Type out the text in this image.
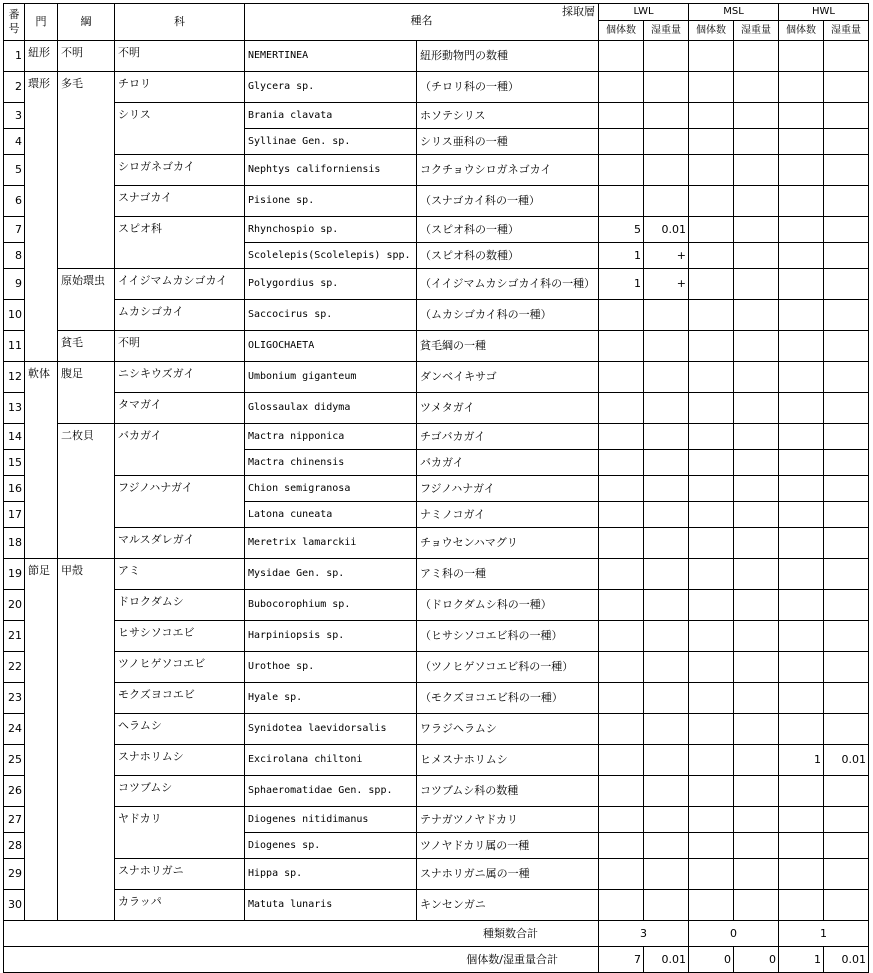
番号	門	綱	科	種名
採取層		LWL		MSL		HWL	
						個体数	湿重量	個体数	湿重量	個体数	湿重量
1	紐形	不明	不明	NEMERTINEA	紐形動物門の数種						
2	環形	多毛	チロリ	Glycera sp.	（チロリ科の一種）						
3			シリス	Brania clavata	ホソテシリス						
4				Syllinae Gen. sp.	シリス亜科の一種						
5			シロガネゴカイ	Nephtys californiensis	コクチョウシロガネゴカイ						
6			スナゴカイ	Pisione sp.	（スナゴカイ科の一種）						
7			スピオ科	Rhynchospio sp.	（スピオ科の一種）	5	0.01				
8				Scolelepis(Scolelepis) spp.	（スピオ科の数種）	1	+				
9		原始環虫	イイジマムカシゴカイ	Polygordius sp.	（イイジマムカシゴカイ科の一種）	1	+				
10			ムカシゴカイ	Saccocirus sp.	（ムカシゴカイ科の一種）						
11		貧毛	不明	OLIGOCHAETA	貧毛綱の一種						
12	軟体	腹足	ニシキウズガイ	Umbonium giganteum	ダンベイキサゴ						
13			タマガイ	Glossaulax didyma	ツメタガイ						
14		二枚貝	バカガイ	Mactra nipponica	チゴバカガイ						
15				Mactra chinensis	バカガイ						
16			フジノハナガイ	Chion semigranosa	フジノハナガイ						
17				Latona cuneata	ナミノコガイ						
18			マルスダレガイ	Meretrix lamarckii	チョウセンハマグリ						
19	節足	甲殻	アミ	Mysidae Gen. sp.	アミ科の一種						
20			ドロクダムシ	Bubocorophium sp.	（ドロクダムシ科の一種）						
21			ヒサシソコエビ	Harpiniopsis sp.	（ヒサシソコエビ科の一種）						
22			ツノヒゲソコエビ	Urothoe sp.	（ツノヒゲソコエビ科の一種）						
23			モクズヨコエビ	Hyale sp.	（モクズヨコエビ科の一種）						
24			ヘラムシ	Synidotea laevidorsalis	ワラジヘラムシ						
25			スナホリムシ	Excirolana chiltoni	ヒメスナホリムシ					1	0.01
26			コツブムシ	Sphaeromatidae Gen. spp.	コツブムシ科の数種						
27			ヤドカリ	Diogenes nitidimanus	テナガツノヤドカリ						
28				Diogenes sp.	ツノヤドカリ属の一種						
29			スナホリガニ	Hippa sp.	スナホリガニ属の一種						
30			カラッパ	Matuta lunaris	キンセンガニ						
種類数合計						3		0		1	
個体数/湿重量合計						7	0.01	0	0	1	0.01
